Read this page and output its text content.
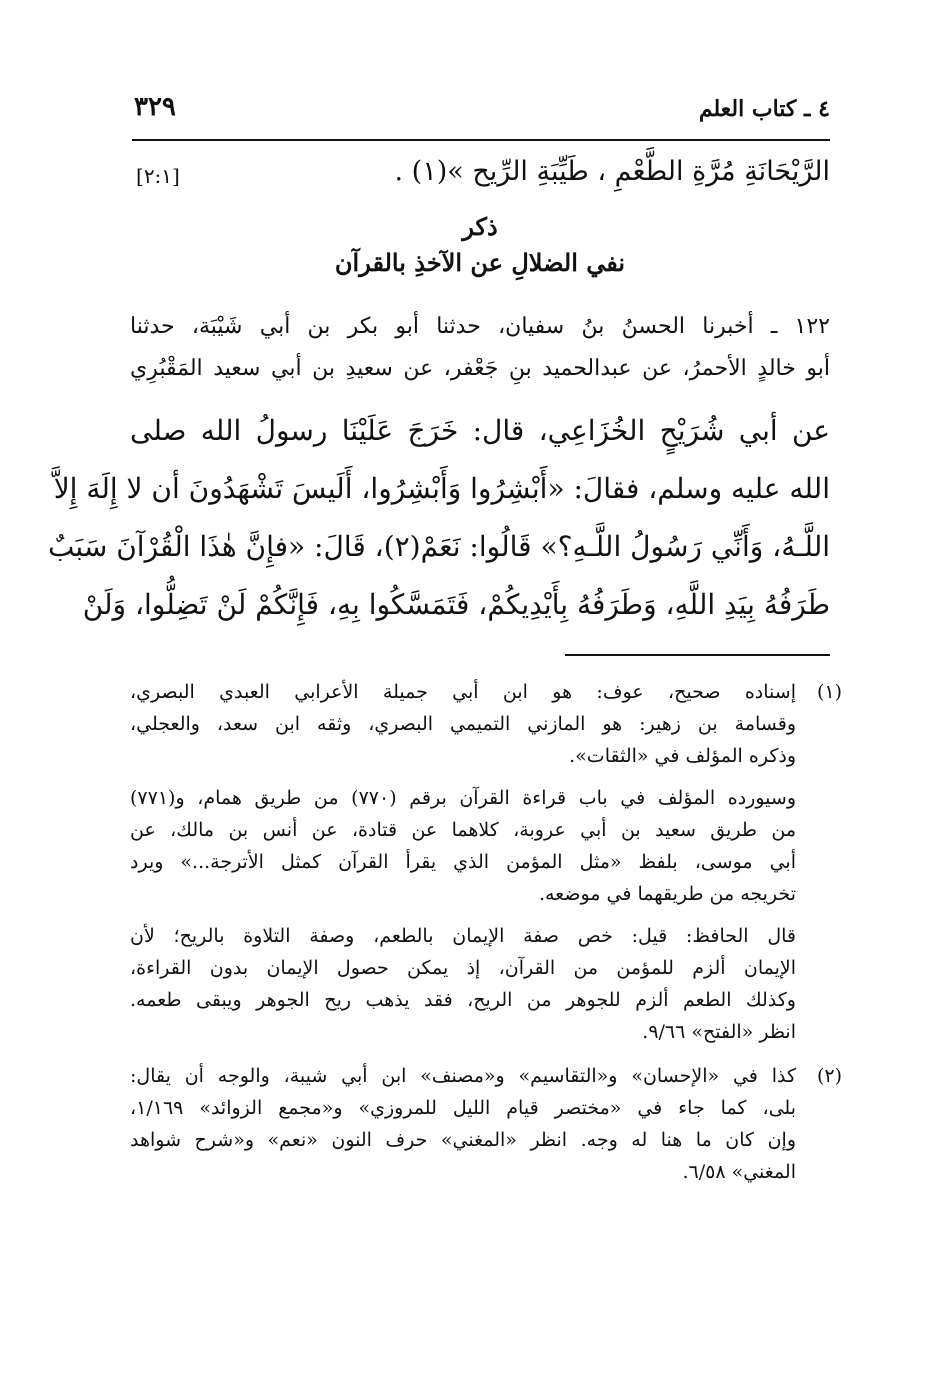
٤ ـ كتاب العلم
٣٢٩
الرَّيْحَانَةِ مُرَّةِ الطَّعْمِ ، طَيِّبَةِ الرِّيح »(١) .
[٢:١]
ذكر
نفي الضلالِ عن الآخذِ بالقرآن
١٢٢ ـ أخبرنا الحسنُ بنُ سفيان، حدثنا أبو بكر بن أبي شَيْبَة، حدثنا
أبو خالدٍ الأحمرُ، عن عبدالحميد بنِ جَعْفر، عن سعيدِ بن أبي سعيد المَقْبُرِي
عن أبي شُرَيْحٍ الخُزَاعِي، قال: خَرَجَ عَلَيْنَا رسولُ الله صلى
الله عليه وسلم، فقالَ: «أَبْشِرُوا وَأَبْشِرُوا، أَلَيسَ تَشْهَدُونَ أن لا إِلَهَ إِلاَّ
اللَّـهُ، وَأَنِّي رَسُولُ اللَّـهِ؟» قَالُوا: نَعَمْ(٢)، قَالَ: «فإِنَّ هٰذَا الْقُرْآنَ سَبَبٌ
طَرَفُهُ بِيَدِ اللَّهِ، وَطَرَفُهُ بِأَيْدِيكُمْ، فَتَمَسَّكُوا بِهِ، فَإِنَّكُمْ لَنْ تَضِلُّوا، وَلَنْ
(١)
إسناده صحيح، عوف: هو ابن أبي جميلة الأعرابي العبدي البصري،
وقسامة بن زهير: هو المازني التميمي البصري، وثقه ابن سعد، والعجلي،
وذكره المؤلف في «الثقات».
وسيورده المؤلف في باب قراءة القرآن برقم (٧٧٠) من طريق همام، و(٧٧١)
من طريق سعيد بن أبي عروبة، كلاهما عن قتادة، عن أنس بن مالك، عن
أبي موسى، بلفظ «مثل المؤمن الذي يقرأ القرآن كمثل الأترجة...» ويرد
تخريجه من طريقهما في موضعه.
قال الحافظ: قيل: خص صفة الإيمان بالطعم، وصفة التلاوة بالريح؛ لأن
الإيمان ألزم للمؤمن من القرآن، إذ يمكن حصول الإيمان بدون القراءة،
وكذلك الطعم ألزم للجوهر من الريح، فقد يذهب ريح الجوهر ويبقى طعمه.
انظر «الفتح» ٩/٦٦.
(٢)
كذا في «الإحسان» و«التقاسيم» و«مصنف» ابن أبي شيبة، والوجه أن يقال:
بلى، كما جاء في «مختصر قيام الليل للمروزي» و«مجمع الزوائد» ١/١٦٩،
وإن كان ما هنا له وجه. انظر «المغني» حرف النون «نعم» و«شرح شواهد
المغني» ٦/٥٨.
